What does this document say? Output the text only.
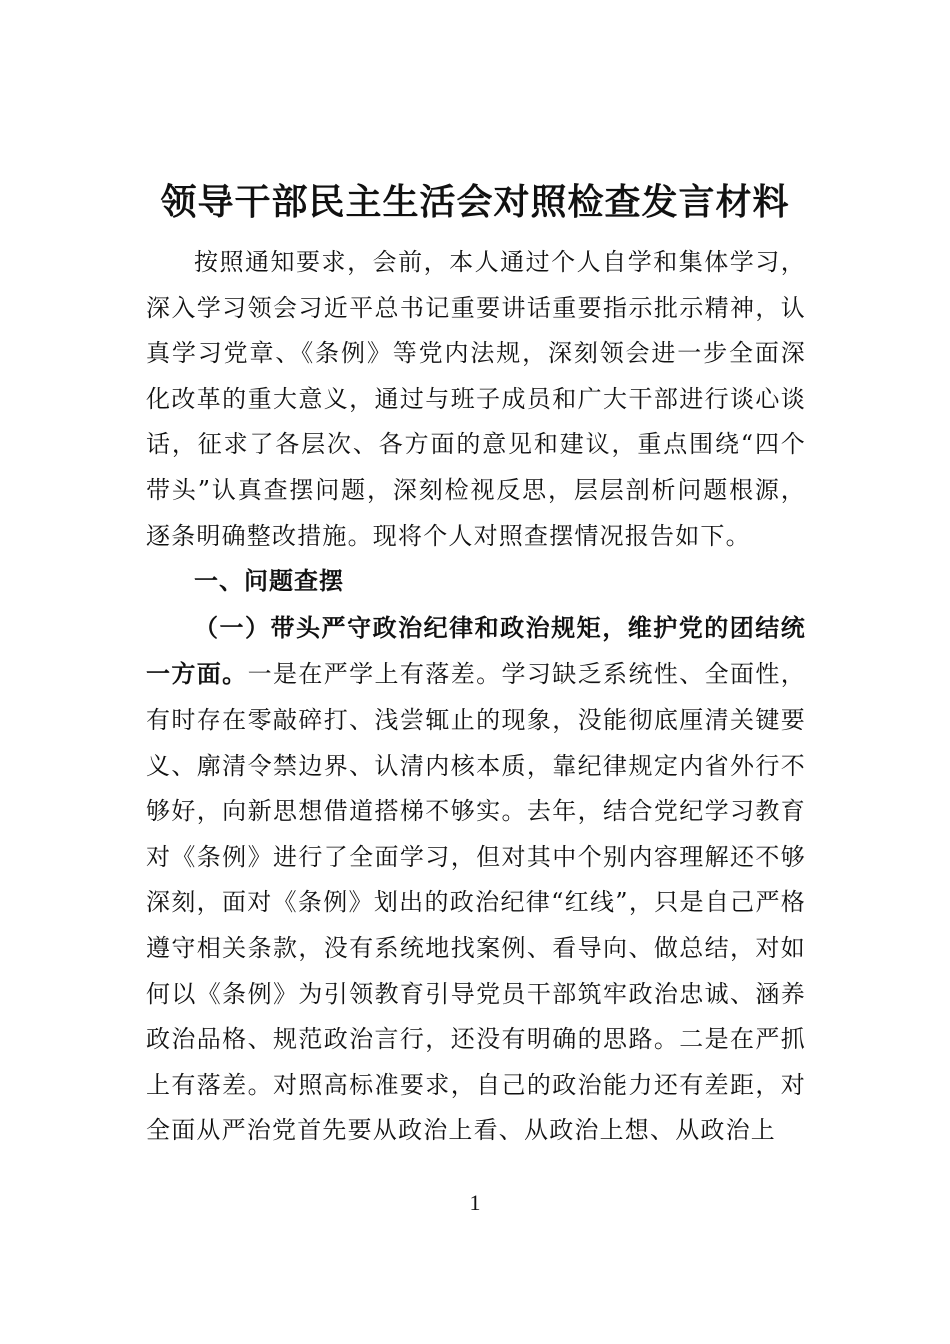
领导干部民主生活会对照检查发言材料

按照通知要求，会前，本人通过个人自学和集体学习，深入学习领会习近平总书记重要讲话重要指示批示精神，认真学习党章、《条例》等党内法规，深刻领会进一步全面深化改革的重大意义，通过与班子成员和广大干部进行谈心谈话，征求了各层次、各方面的意见和建议，重点围绕“四个带头”认真查摆问题，深刻检视反思，层层剖析问题根源，逐条明确整改措施。现将个人对照查摆情况报告如下。

一、问题查摆

（一）带头严守政治纪律和政治规矩，维护党的团结统一方面。一是在严学上有落差。学习缺乏系统性、全面性，有时存在零敲碎打、浅尝辄止的现象，没能彻底厘清关键要义、廓清令禁边界、认清内核本质，靠纪律规定内省外行不够好，向新思想借道搭梯不够实。去年，结合党纪学习教育对《条例》进行了全面学习，但对其中个别内容理解还不够深刻，面对《条例》划出的政治纪律“红线”，只是自己严格遵守相关条款，没有系统地找案例、看导向、做总结，对如何以《条例》为引领教育引导党员干部筑牢政治忠诚、涵养政治品格、规范政治言行，还没有明确的思路。二是在严抓上有落差。对照高标准要求，自己的政治能力还有差距，对全面从严治党首先要从政治上看、从政治上想、从政治上

1
